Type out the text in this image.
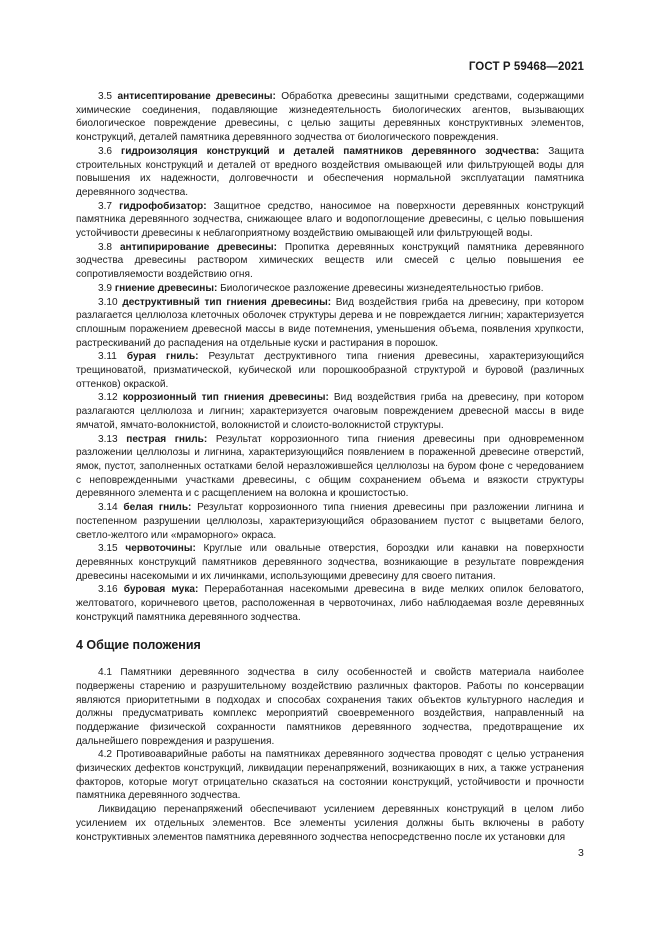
ГОСТ Р 59468—2021
3.5 антисептирование древесины: Обработка древесины защитными средствами, содержащими химические соединения, подавляющие жизнедеятельность биологических агентов, вызывающих биологическое повреждение древесины, с целью защиты деревянных конструктивных элементов, конструкций, деталей памятника деревянного зодчества от биологического повреждения.
3.6 гидроизоляция конструкций и деталей памятников деревянного зодчества: Защита строительных конструкций и деталей от вредного воздействия омывающей или фильтрующей воды для повышения их надежности, долговечности и обеспечения нормальной эксплуатации памятника деревянного зодчества.
3.7 гидрофобизатор: Защитное средство, наносимое на поверхности деревянных конструкций памятника деревянного зодчества, снижающее влаго и водопоглощение древесины, с целью повышения устойчивости древесины к неблагоприятному воздействию омывающей или фильтрующей воды.
3.8 антипирирование древесины: Пропитка деревянных конструкций памятника деревянного зодчества древесины раствором химических веществ или смесей с целью повышения ее сопротивляемости воздействию огня.
3.9 гниение древесины: Биологическое разложение древесины жизнедеятельностью грибов.
3.10 деструктивный тип гниения древесины: Вид воздействия гриба на древесину, при котором разлагается целлюлоза клеточных оболочек структуры дерева и не повреждается лигнин; характеризуется сплошным поражением древесной массы в виде потемнения, уменьшения объема, появления хрупкости, растрескиваний до распадения на отдельные куски и растирания в порошок.
3.11 бурая гниль: Результат деструктивного типа гниения древесины, характеризующийся трещиноватой, призматической, кубической или порошкообразной структурой и буровой (различных оттенков) окраской.
3.12 коррозионный тип гниения древесины: Вид воздействия гриба на древесину, при котором разлагаются целлюлоза и лигнин; характеризуется очаговым повреждением древесной массы в виде ямчатой, ямчато-волокнистой, волокнистой и слоисто-волокнистой структуры.
3.13 пестрая гниль: Результат коррозионного типа гниения древесины при одновременном разложении целлюлозы и лигнина, характеризующийся появлением в пораженной древесине отверстий, ямок, пустот, заполненных остатками белой неразложившейся целлюлозы на буром фоне с чередованием с неповрежденными участками древесины, с общим сохранением объема и вязкости структуры деревянного элемента и с расщеплением на волокна и крошистостью.
3.14 белая гниль: Результат коррозионного типа гниения древесины при разложении лигнина и постепенном разрушении целлюлозы, характеризующийся образованием пустот с выцветами белого, светло-желтого или «мраморного» окраса.
3.15 червоточины: Круглые или овальные отверстия, бороздки или канавки на поверхности деревянных конструкций памятников деревянного зодчества, возникающие в результате повреждения древесины насекомыми и их личинками, использующими древесину для своего питания.
3.16 буровая мука: Переработанная насекомыми древесина в виде мелких опилок беловатого, желтоватого, коричневого цветов, расположенная в червоточинах, либо наблюдаемая возле деревянных конструкций памятника деревянного зодчества.
4 Общие положения
4.1 Памятники деревянного зодчества в силу особенностей и свойств материала наиболее подвержены старению и разрушительному воздействию различных факторов. Работы по консервации являются приоритетными в подходах и способах сохранения таких объектов культурного наследия и должны предусматривать комплекс мероприятий своевременного воздействия, направленный на поддержание физической сохранности памятников деревянного зодчества, предотвращение их дальнейшего повреждения и разрушения.
4.2 Противоаварийные работы на памятниках деревянного зодчества проводят с целью устранения физических дефектов конструкций, ликвидации перенапряжений, возникающих в них, а также устранения факторов, которые могут отрицательно сказаться на состоянии конструкций, устойчивости и прочности памятника деревянного зодчества.
Ликвидацию перенапряжений обеспечивают усилением деревянных конструкций в целом либо усилением их отдельных элементов. Все элементы усиления должны быть включены в работу конструктивных элементов памятника деревянного зодчества непосредственно после их установки для
3
